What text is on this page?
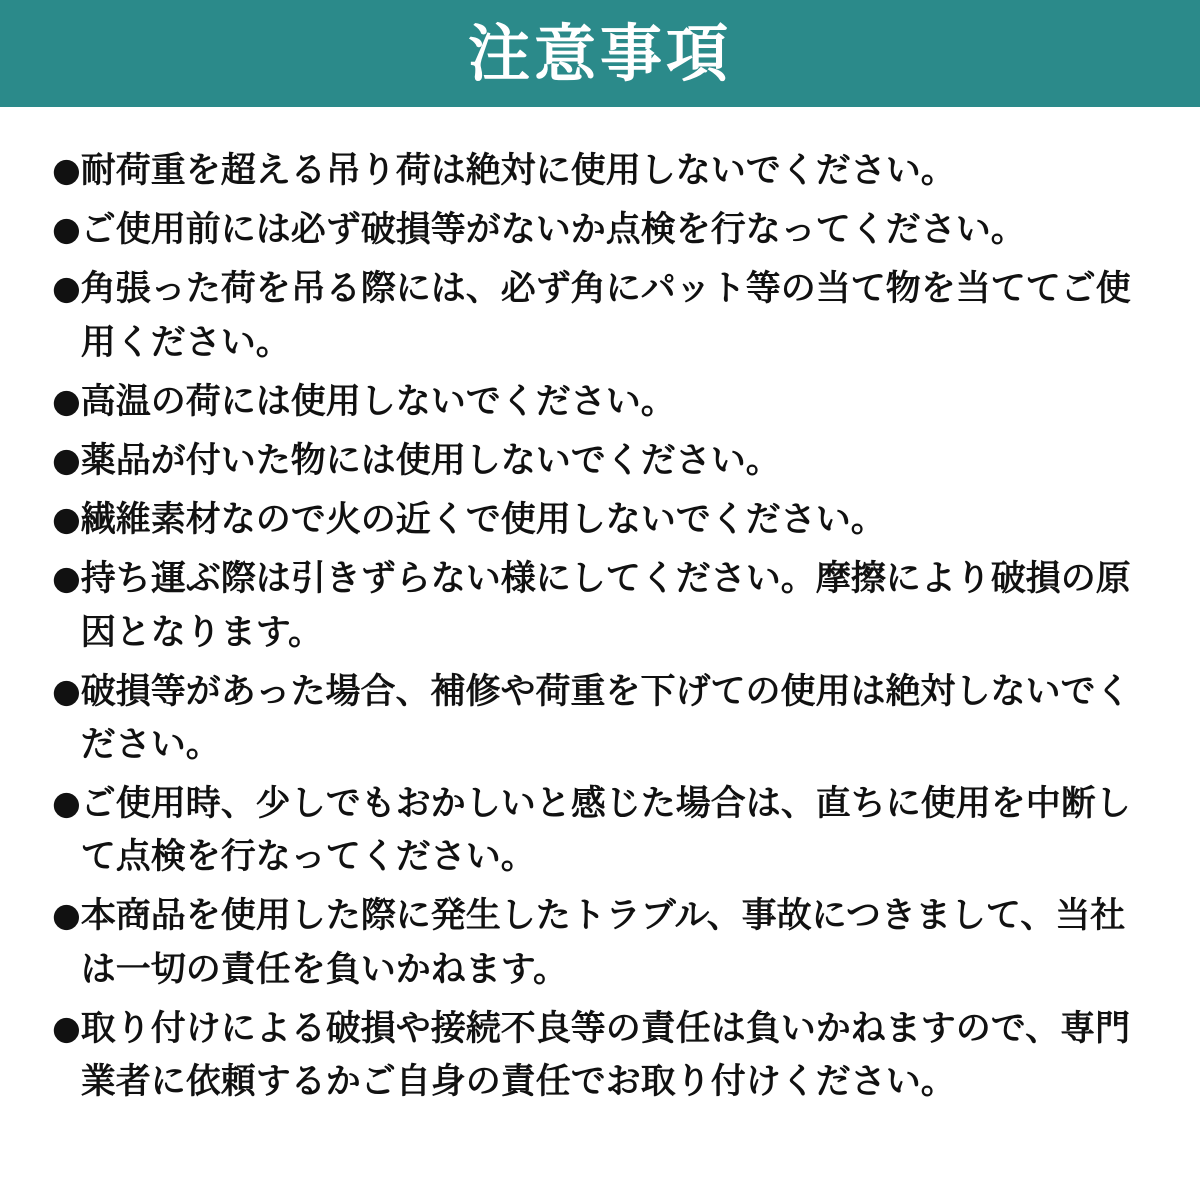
注意事項
● 耐荷重を超える吊り荷は絶対に使用しないでください。
● ご使用前には必ず破損等がないか点検を行なってください。
● 角張った荷を吊る際には、必ず角にパット等の当て物を当ててご使用ください。
● 高温の荷には使用しないでください。
● 薬品が付いた物には使用しないでください。
● 繊維素材なので火の近くで使用しないでください。
● 持ち運ぶ際は引きずらない様にしてください。摩擦により破損の原因となります。
● 破損等があった場合、補修や荷重を下げての使用は絶対しないでください。
● ご使用時、少しでもおかしいと感じた場合は、直ちに使用を中断して点検を行なってください。
● 本商品を使用した際に発生したトラブル、事故につきまして、当社は一切の責任を負いかねます。
● 取り付けによる破損や接続不良等の責任は負いかねますので、専門業者に依頼するかご自身の責任でお取り付けください。
